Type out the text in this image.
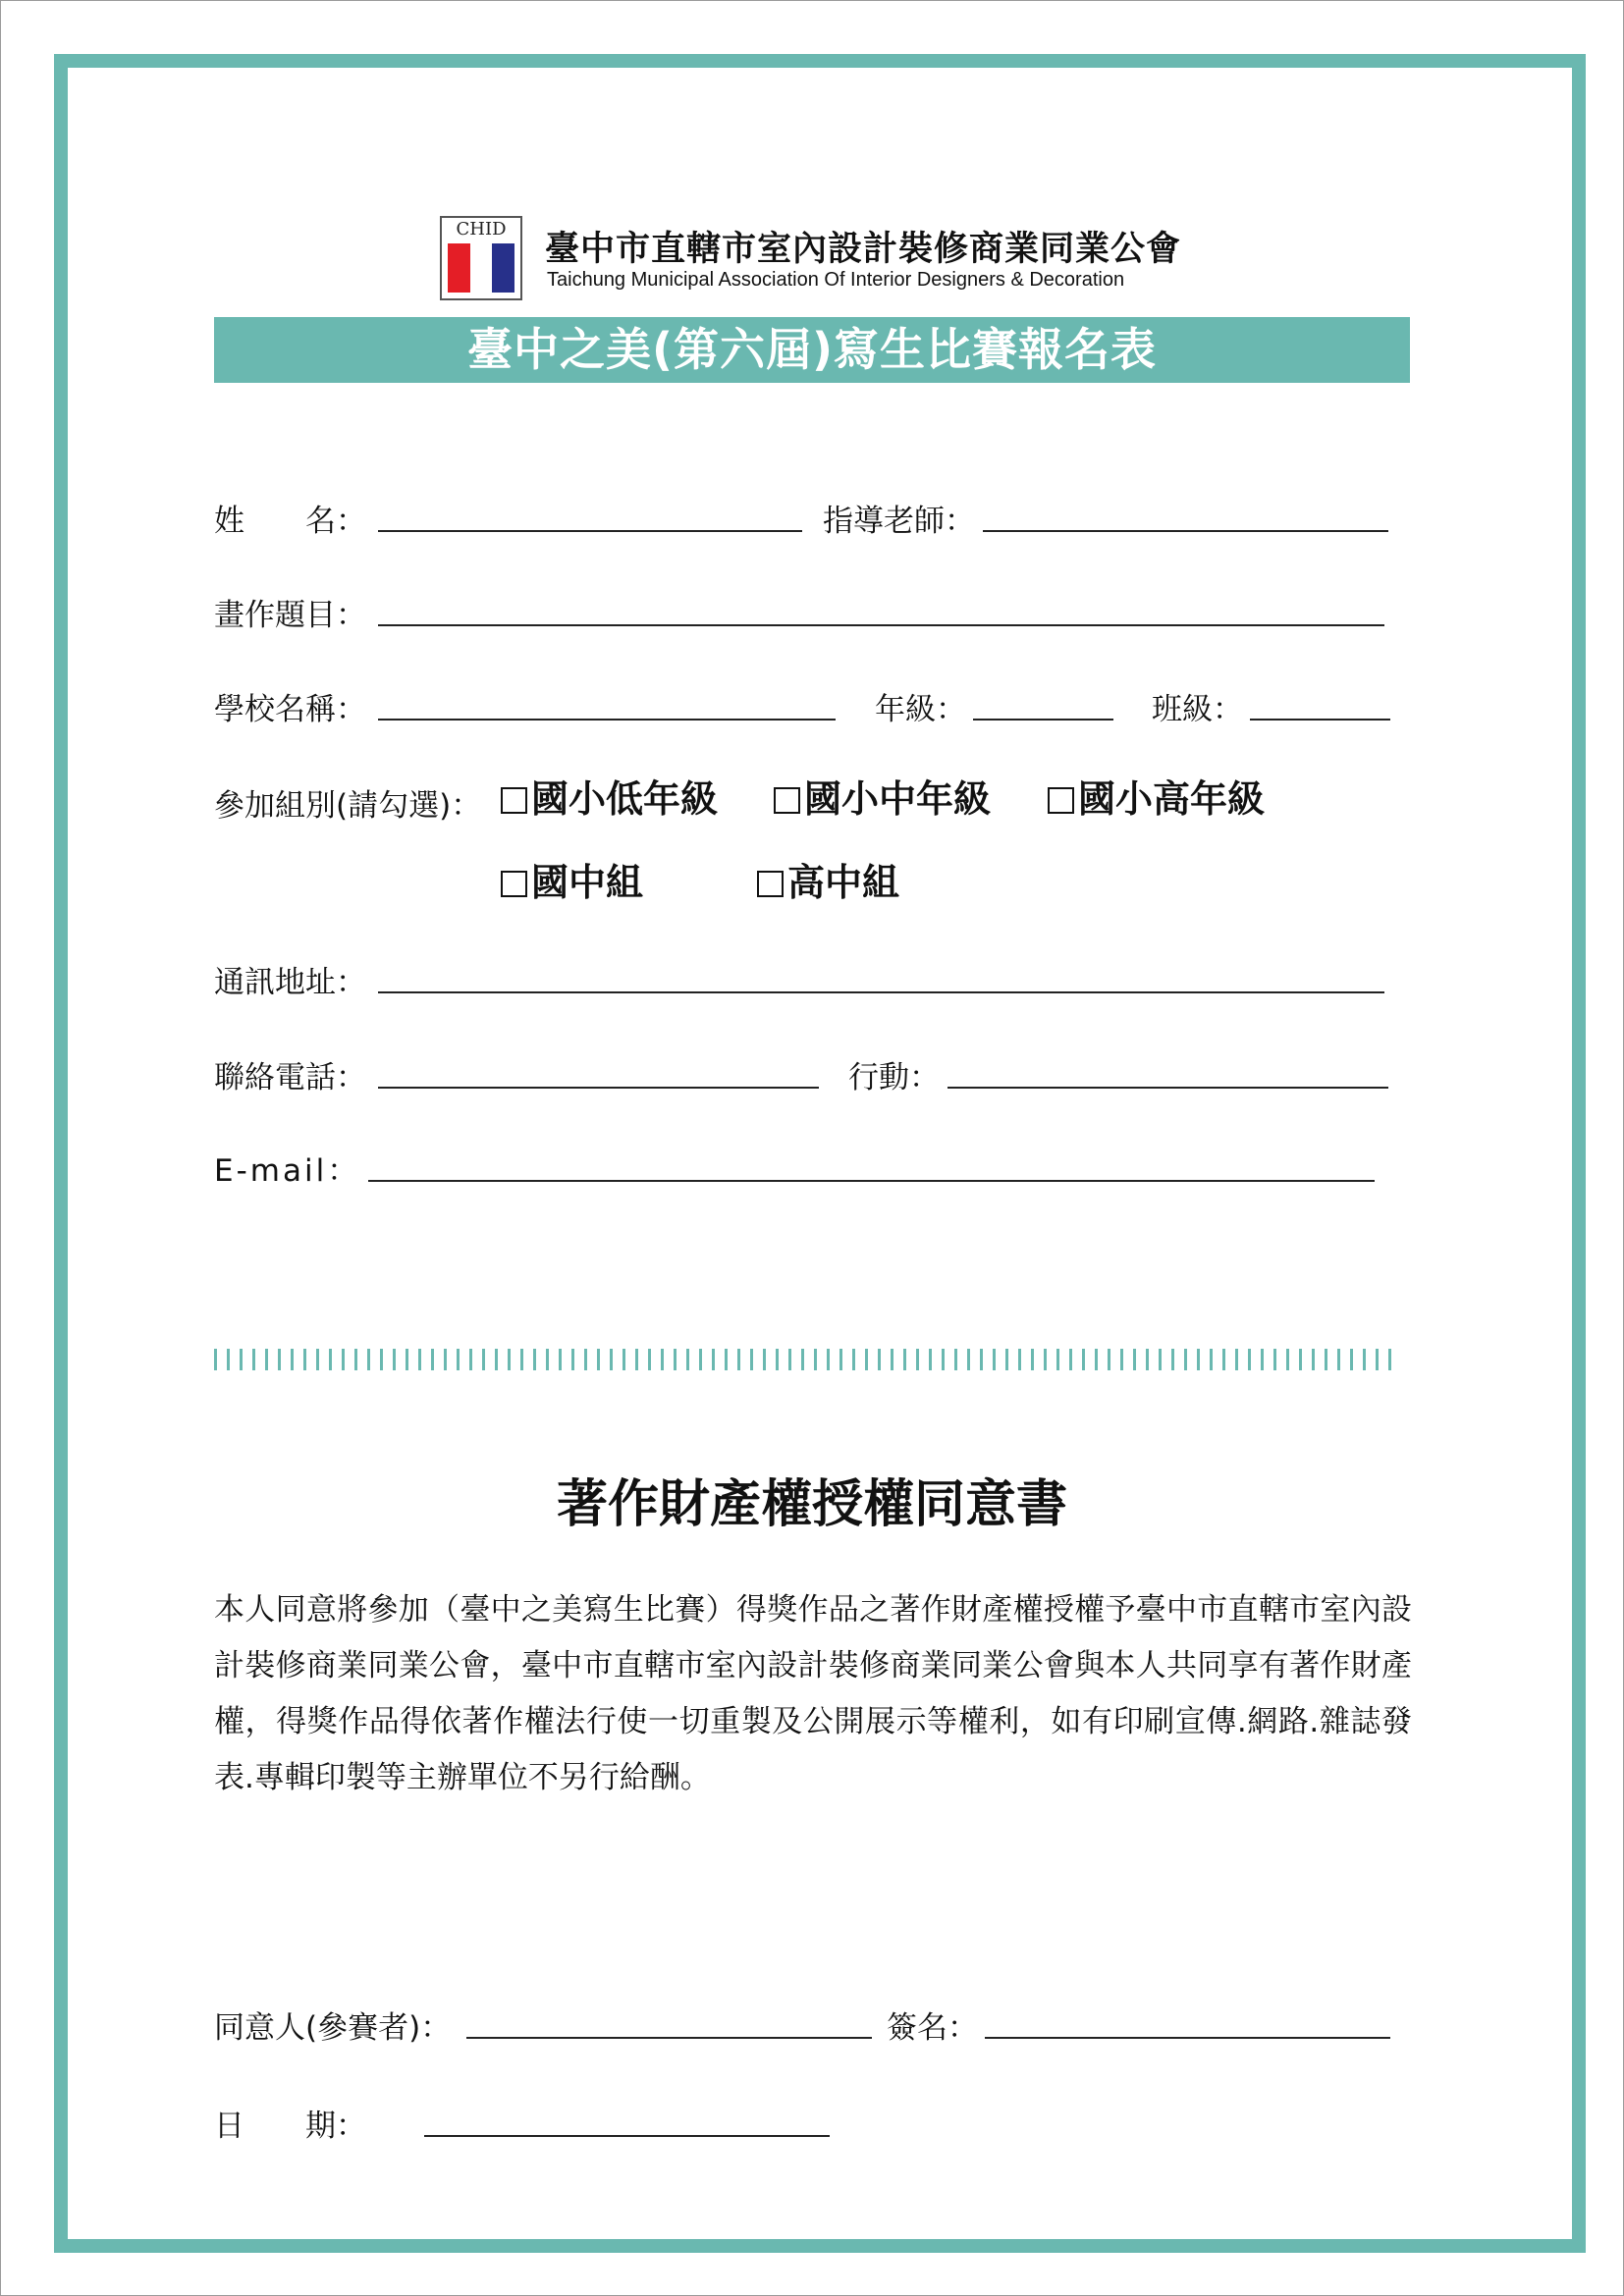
CHID
臺中市直轄市室內設計裝修商業同業公會
Taichung Municipal Association Of Interior Designers & Decoration
臺中之美(第六屆)寫生比賽報名表
姓　　名：	指導老師：
畫作題目：
學校名稱：	年級：	班級：
參加組別(請勾選)：	國小低年級	國小中年級	國小高年級
國中組	高中組
通訊地址：
聯絡電話：	行動：
E-mail：
著作財產權授權同意書
本人同意將參加（臺中之美寫生比賽）得獎作品之著作財產權授權予臺中市直轄市室內設計裝修商業同業公會，臺中市直轄市室內設計裝修商業同業公會與本人共同享有著作財產權，得獎作品得依著作權法行使一切重製及公開展示等權利，如有印刷宣傳.網路.雜誌發表.專輯印製等主辦單位不另行給酬。
同意人(參賽者)：	簽名：
日　　期：
